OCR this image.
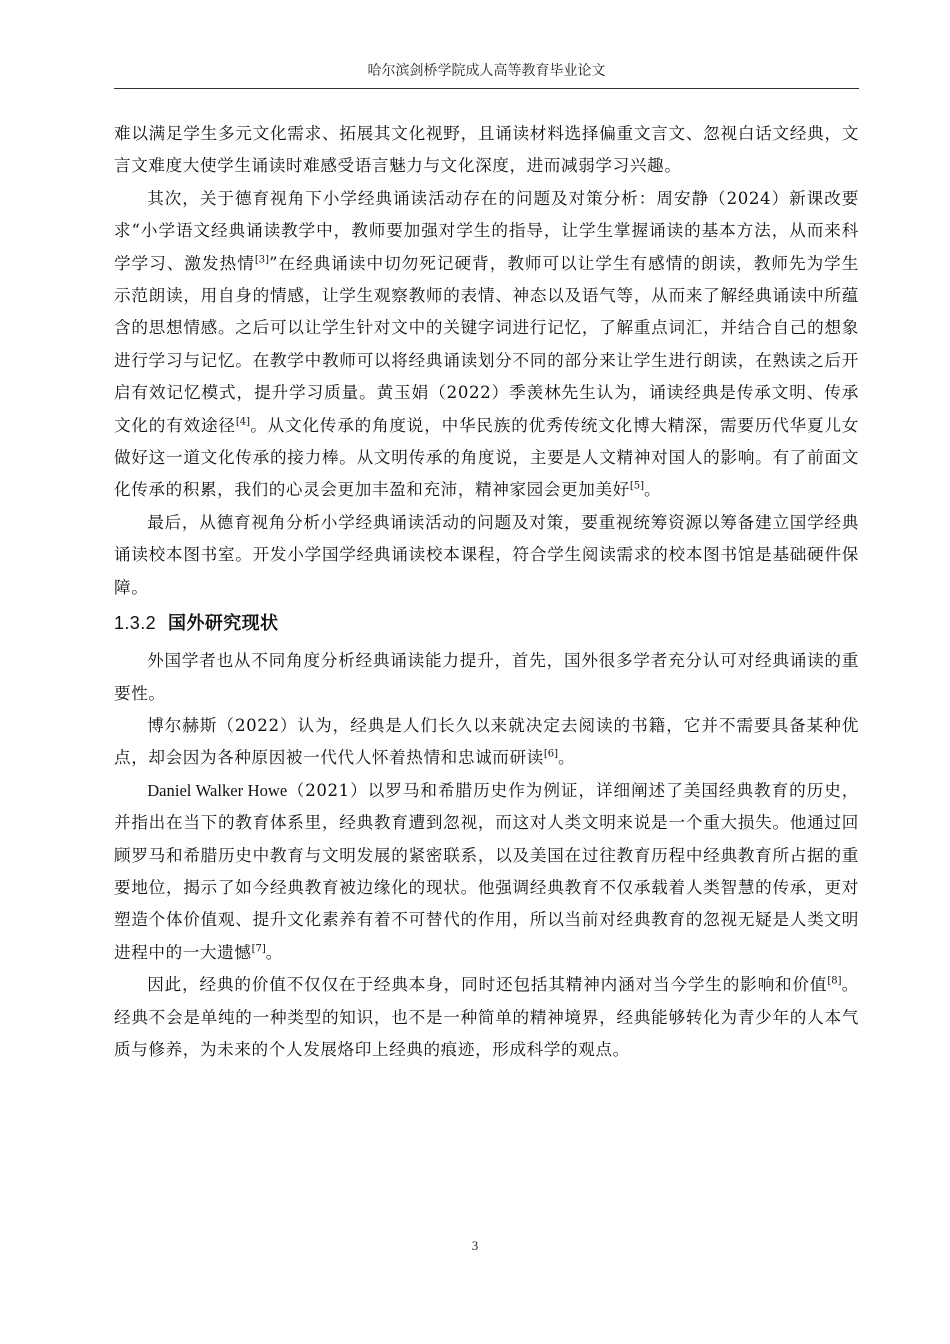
哈尔滨剑桥学院成人高等教育毕业论文

难以满足学生多元文化需求、拓展其文化视野，且诵读材料选择偏重文言文、忽视白话文经典，文言文难度大使学生诵读时难感受语言魅力与文化深度，进而减弱学习兴趣。

其次，关于德育视角下小学经典诵读活动存在的问题及对策分析：周安静（2024）新课改要求“小学语文经典诵读教学中，教师要加强对学生的指导，让学生掌握诵读的基本方法，从而来科学学习、激发热情[3]”在经典诵读中切勿死记硬背，教师可以让学生有感情的朗读，教师先为学生示范朗读，用自身的情感，让学生观察教师的表情、神态以及语气等，从而来了解经典诵读中所蕴含的思想情感。之后可以让学生针对文中的关键字词进行记忆，了解重点词汇，并结合自己的想象进行学习与记忆。在教学中教师可以将经典诵读划分不同的部分来让学生进行朗读，在熟读之后开启有效记忆模式，提升学习质量。黄玉娟（2022）季羡林先生认为，诵读经典是传承文明、传承文化的有效途径[4]。从文化传承的角度说，中华民族的优秀传统文化博大精深，需要历代华夏儿女做好这一道文化传承的接力棒。从文明传承的角度说，主要是人文精神对国人的影响。有了前面文化传承的积累，我们的心灵会更加丰盈和充沛，精神家园会更加美好[5]。

最后，从德育视角分析小学经典诵读活动的问题及对策，要重视统筹资源以筹备建立国学经典诵读校本图书室。开发小学国学经典诵读校本课程，符合学生阅读需求的校本图书馆是基础硬件保障。

1.3.2 国外研究现状

外国学者也从不同角度分析经典诵读能力提升，首先，国外很多学者充分认可对经典诵读的重要性。

博尔赫斯（2022）认为，经典是人们长久以来就决定去阅读的书籍，它并不需要具备某种优点，却会因为各种原因被一代代人怀着热情和忠诚而研读[6]。

Daniel Walker Howe（2021）以罗马和希腊历史作为例证，详细阐述了美国经典教育的历史，并指出在当下的教育体系里，经典教育遭到忽视，而这对人类文明来说是一个重大损失。他通过回顾罗马和希腊历史中教育与文明发展的紧密联系，以及美国在过往教育历程中经典教育所占据的重要地位，揭示了如今经典教育被边缘化的现状。他强调经典教育不仅承载着人类智慧的传承，更对塑造个体价值观、提升文化素养有着不可替代的作用，所以当前对经典教育的忽视无疑是人类文明进程中的一大遗憾[7]。

因此，经典的价值不仅仅在于经典本身，同时还包括其精神内涵对当今学生的影响和价值[8]。经典不会是单纯的一种类型的知识，也不是一种简单的精神境界，经典能够转化为青少年的人本气质与修养，为未来的个人发展烙印上经典的痕迹，形成科学的观点。

3
